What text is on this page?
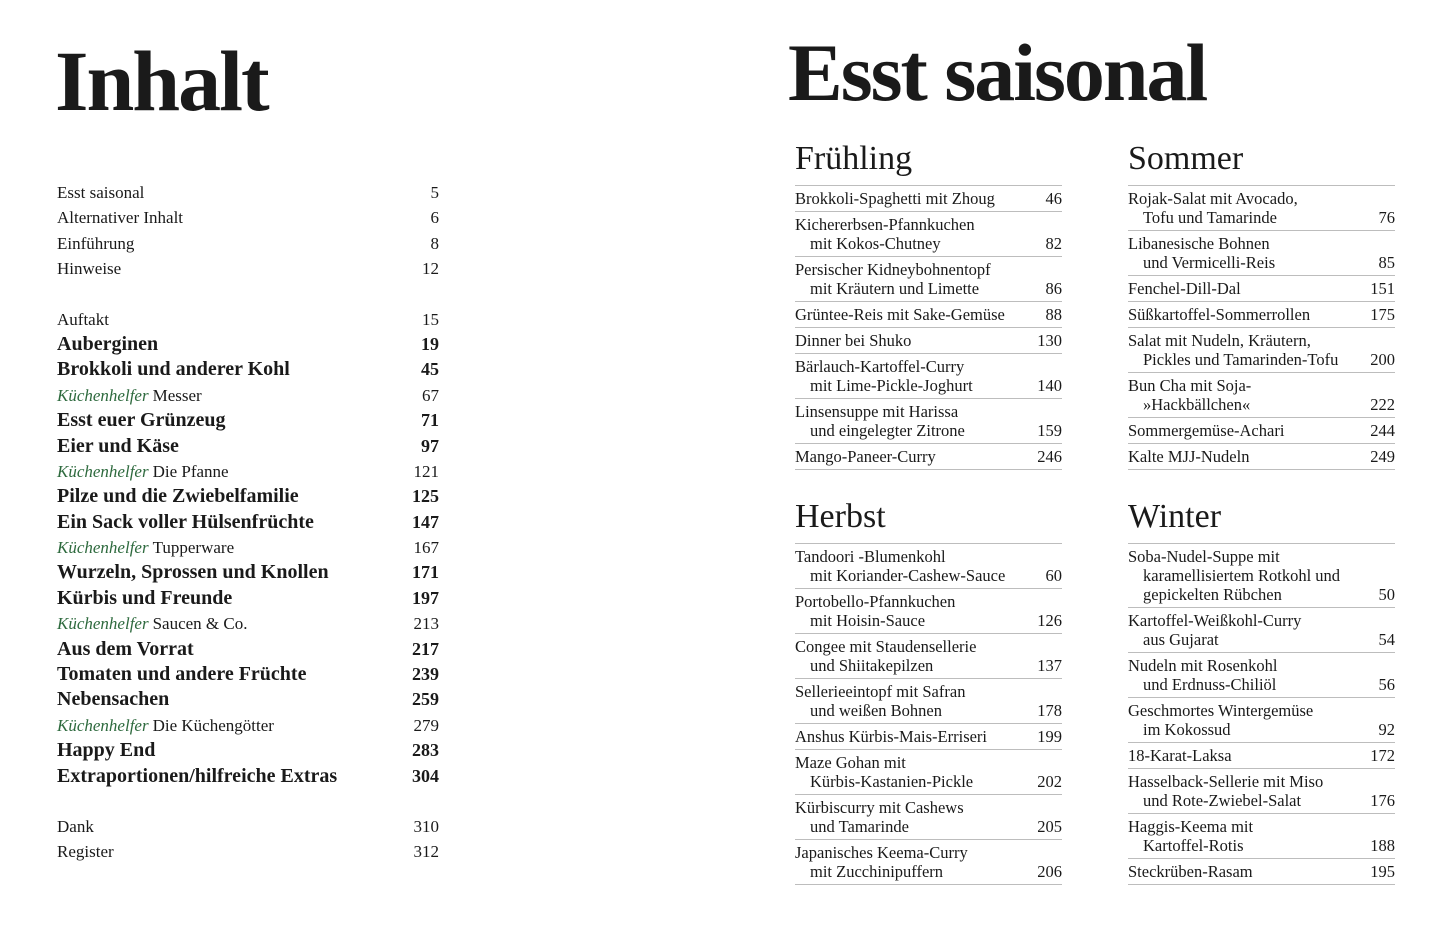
Inhalt
Esst saisonal	5
Alternativer Inhalt	6
Einführung	8
Hinweise	12
Auftakt	15
Auberginen	19
Brokkoli und anderer Kohl	45
Küchenhelfer Messer	67
Esst euer Grünzeug	71
Eier und Käse	97
Küchenhelfer Die Pfanne	121
Pilze und die Zwiebelfamilie	125
Ein Sack voller Hülsenfrüchte	147
Küchenhelfer Tupperware	167
Wurzeln, Sprossen und Knollen	171
Kürbis und Freunde	197
Küchenhelfer Saucen & Co.	213
Aus dem Vorrat	217
Tomaten und andere Früchte	239
Nebensachen	259
Küchenhelfer Die Küchengötter	279
Happy End	283
Extraportionen/hilfreiche Extras	304
Dank	310
Register	312
Esst saisonal
Frühling
Brokkoli-Spaghetti mit Zhoug	46
Kichererbsen-Pfannkuchen
mit Kokos-Chutney	82
Persischer Kidneybohnentopf
mit Kräutern und Limette	86
Grüntee-Reis mit Sake-Gemüse	88
Dinner bei Shuko	130
Bärlauch-Kartoffel-Curry
mit Lime-Pickle-Joghurt	140
Linsensuppe mit Harissa
und eingelegter Zitrone	159
Mango-Paneer-Curry	246
Sommer
Rojak-Salat mit Avocado,
Tofu und Tamarinde	76
Libanesische Bohnen
und Vermicelli-Reis	85
Fenchel-Dill-Dal	151
Süßkartoffel-Sommerrollen	175
Salat mit Nudeln, Kräutern,
Pickles und Tamarinden-Tofu	200
Bun Cha mit Soja-
»Hackbällchen«	222
Sommergemüse-Achari	244
Kalte MJJ-Nudeln	249
Herbst
Tandoori -Blumenkohl
mit Koriander-Cashew-Sauce	60
Portobello-Pfannkuchen
mit Hoisin-Sauce	126
Congee mit Staudensellerie
und Shiitakepilzen	137
Sellerieeintopf mit Safran
und weißen Bohnen	178
Anshus Kürbis-Mais-Erriseri	199
Maze Gohan mit
Kürbis-Kastanien-Pickle	202
Kürbiscurry mit Cashews
und Tamarinde	205
Japanisches Keema-Curry
mit Zucchinipuffern	206
Winter
Soba-Nudel-Suppe mit
karamellisiertem Rotkohl und
gepickelten Rübchen	50
Kartoffel-Weißkohl-Curry
aus Gujarat	54
Nudeln mit Rosenkohl
und Erdnuss-Chiliöl	56
Geschmortes Wintergemüse
im Kokossud	92
18-Karat-Laksa	172
Hasselback-Sellerie mit Miso
und Rote-Zwiebel-Salat	176
Haggis-Keema mit
Kartoffel-Rotis	188
Steckrüben-Rasam	195
